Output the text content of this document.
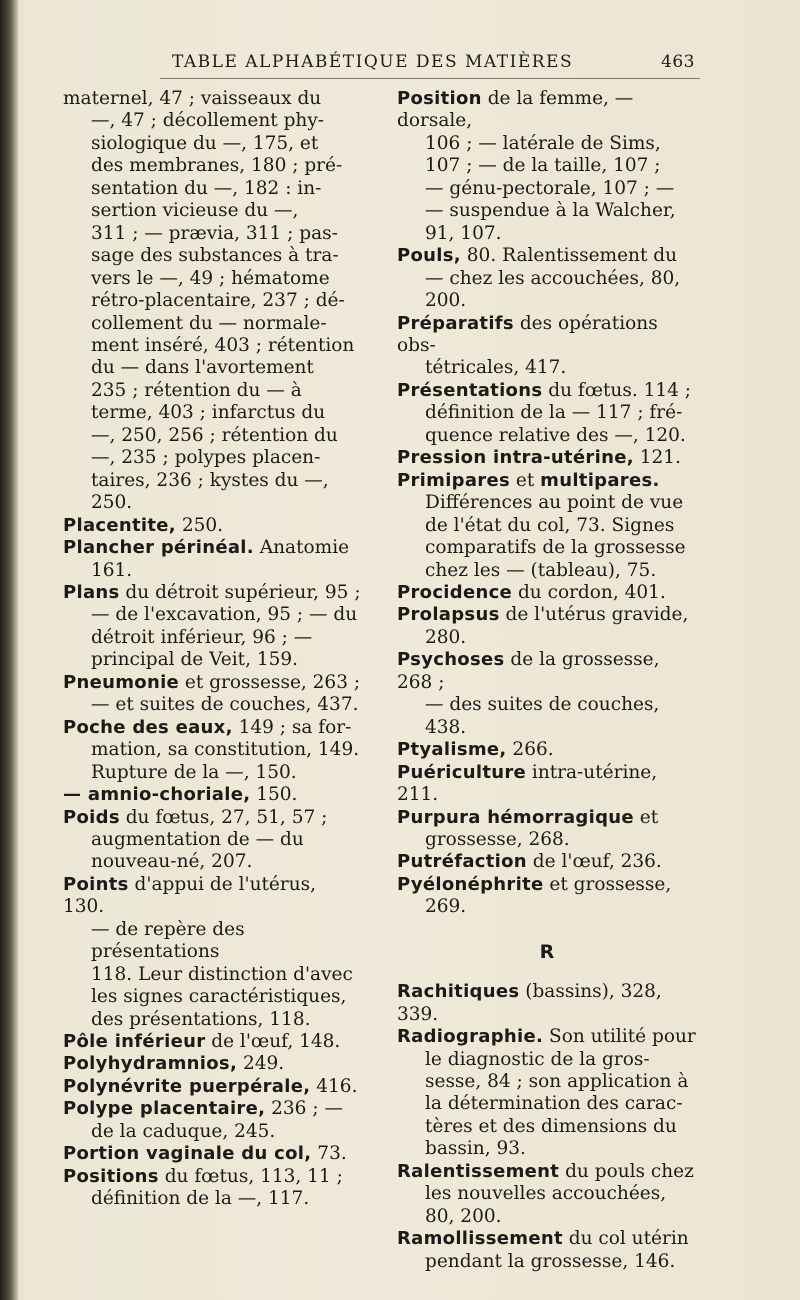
TABLE ALPHABÉTIQUE DES MATIÈRES	463
maternel, 47 ; vaisseaux du
—, 47 ; décollement phy-
siologique du —, 175, et
des membranes, 180 ; pré-
sentation du —, 182 : in-
sertion vicieuse du —,
311 ; — prævia, 311 ; pas-
sage des substances à tra-
vers le —, 49 ; hématome
rétro-placentaire, 237 ; dé-
collement du — normale-
ment inséré, 403 ; rétention
du — dans l'avortement
235 ; rétention du — à
terme, 403 ; infarctus du
—, 250, 256 ; rétention du
—, 235 ; polypes placen-
taires, 236 ; kystes du —,
250.
Placentite, 250.
Plancher périnéal. Anatomie
161.
Plans du détroit supérieur, 95 ;
— de l'excavation, 95 ; — du
détroit inférieur, 96 ; —
principal de Veit, 159.
Pneumonie et grossesse, 263 ;
— et suites de couches, 437.
Poche des eaux, 149 ; sa for-
mation, sa constitution, 149.
Rupture de la —, 150.
— amnio-choriale, 150.
Poids du fœtus, 27, 51, 57 ;
augmentation de — du
nouveau-né, 207.
Points d'appui de l'utérus, 130.
— de repère des présentations
118. Leur distinction d'avec
les signes caractéristiques,
des présentations, 118.
Pôle inférieur de l'œuf, 148.
Polyhydramnios, 249.
Polynévrite puerpérale, 416.
Polype placentaire, 236 ; —
de la caduque, 245.
Portion vaginale du col, 73.
Positions du fœtus, 113, 11 ;
définition de la —, 117.
Position de la femme, — dorsale,
106 ; — latérale de Sims,
107 ; — de la taille, 107 ;
— génu-pectorale, 107 ; —
— suspendue à la Walcher,
91, 107.
Pouls, 80. Ralentissement du
— chez les accouchées, 80,
200.
Préparatifs des opérations obs-
tétricales, 417.
Présentations du fœtus. 114 ;
définition de la — 117 ; fré-
quence relative des —, 120.
Pression intra-utérine, 121.
Primipares et multipares.
Différences au point de vue
de l'état du col, 73. Signes
comparatifs de la grossesse
chez les — (tableau), 75.
Procidence du cordon, 401.
Prolapsus de l'utérus gravide,
280.
Psychoses de la grossesse, 268 ;
— des suites de couches,
438.
Ptyalisme, 266.
Puériculture intra-utérine, 211.
Purpura hémorragique et
grossesse, 268.
Putréfaction de l'œuf, 236.
Pyélonéphrite et grossesse,
269.
R
Rachitiques (bassins), 328, 339.
Radiographie. Son utilité pour
le diagnostic de la gros-
sesse, 84 ; son application à
la détermination des carac-
tères et des dimensions du
bassin, 93.
Ralentissement du pouls chez
les nouvelles accouchées,
80, 200.
Ramollissement du col utérin
pendant la grossesse, 146.
